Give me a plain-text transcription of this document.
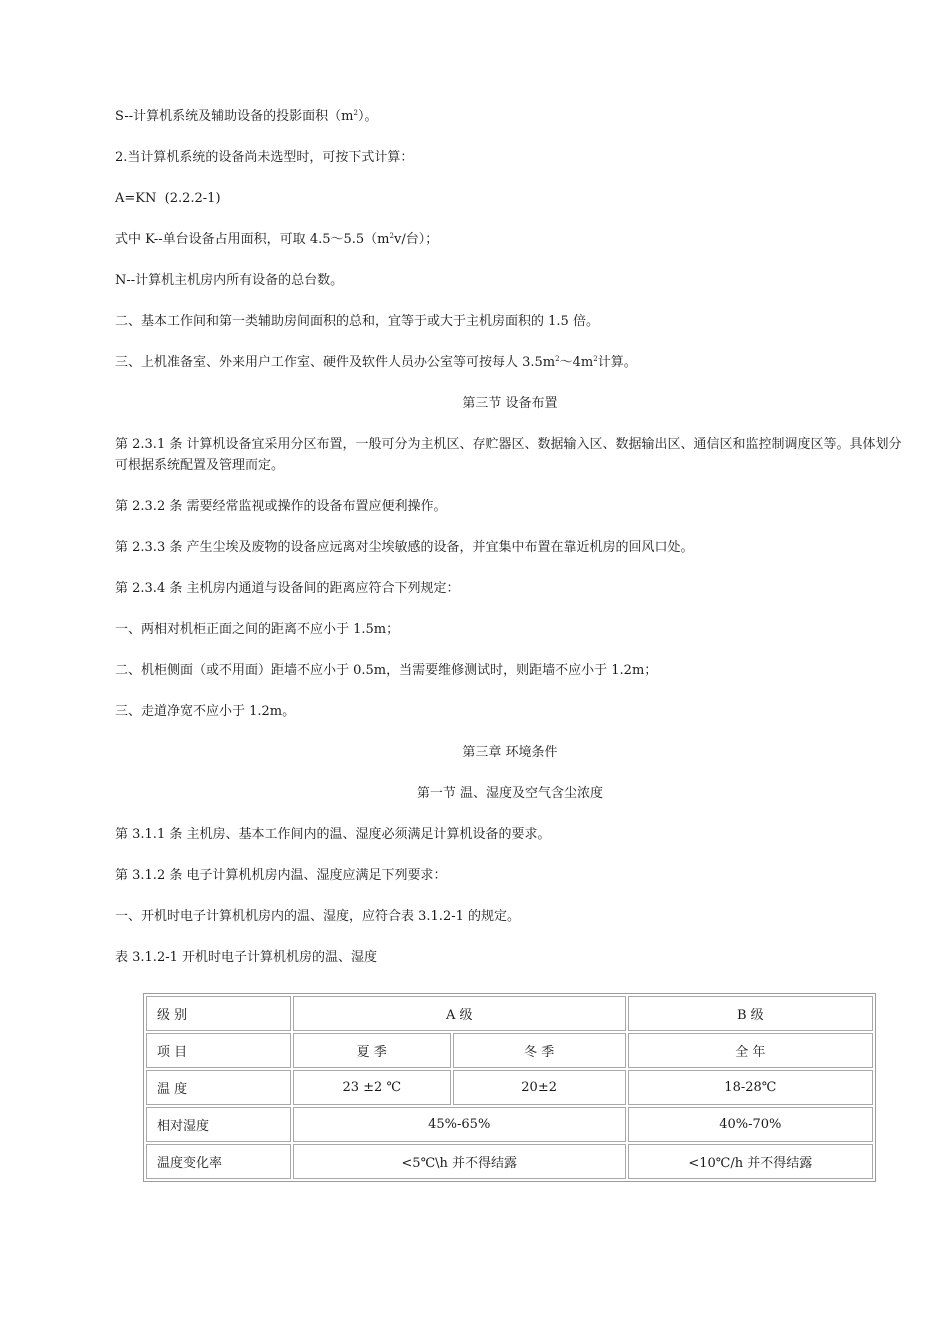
S--计算机系统及辅助设备的投影面积$(m^2)$。

2.当计算机系统的设备尚未选型时，可按下式计算：

A=KN  (2.2.2-1)

式中 K--单台设备占用面积，可取 $4.5\sim 5.5(m^2v/$台）；

N--计算机主机房内所有设备的总台数。

二、基本工作间和第一类辅助房间面积的总和，宜等于或大于主机房面积的 1.5 倍。

三、上机准备室、外来用户工作室、硬件及软件人员办公室等可按每人 $3.5m^2\sim 4m^2$计算。

第三节 设备布置

第 2.3.1 条 计算机设备宜采用分区布置，一般可分为主机区、存贮器区、数据输入区、数据输出区、通信区和监控制调度区等。具体划分可根据系统配置及管理而定。

第 2.3.2 条 需要经常监视或操作的设备布置应便利操作。

第 2.3.3 条 产生尘埃及废物的设备应远离对尘埃敏感的设备，并宜集中布置在靠近机房的回风口处。

第 2.3.4 条 主机房内通道与设备间的距离应符合下列规定：

一、两相对机柜正面之间的距离不应小于 1.5m；

二、机柜侧面（或不用面）距墙不应小于 0.5m，当需要维修测试时，则距墙不应小于 1.2m；

三、走道净宽不应小于 1.2m。

第三章 环境条件

第一节 温、湿度及空气含尘浓度

第 3.1.1 条 主机房、基本工作间内的温、湿度必须满足计算机设备的要求。

第 3.1.2 条 电子计算机机房内温、湿度应满足下列要求：

一、开机时电子计算机机房内的温、湿度，应符合表 3.1.2-1 的规定。

表 3.1.2-1 开机时电子计算机机房的温、湿度

级 别	A 级		B 级
项 目	夏 季	冬 季	全 年
温 度	23 ±2 ℃	20±2	18-28℃
相对湿度	45%-65%		40%-70%
温度变化率	<5℃\h 并不得结露		<10℃/h 并不得结露
